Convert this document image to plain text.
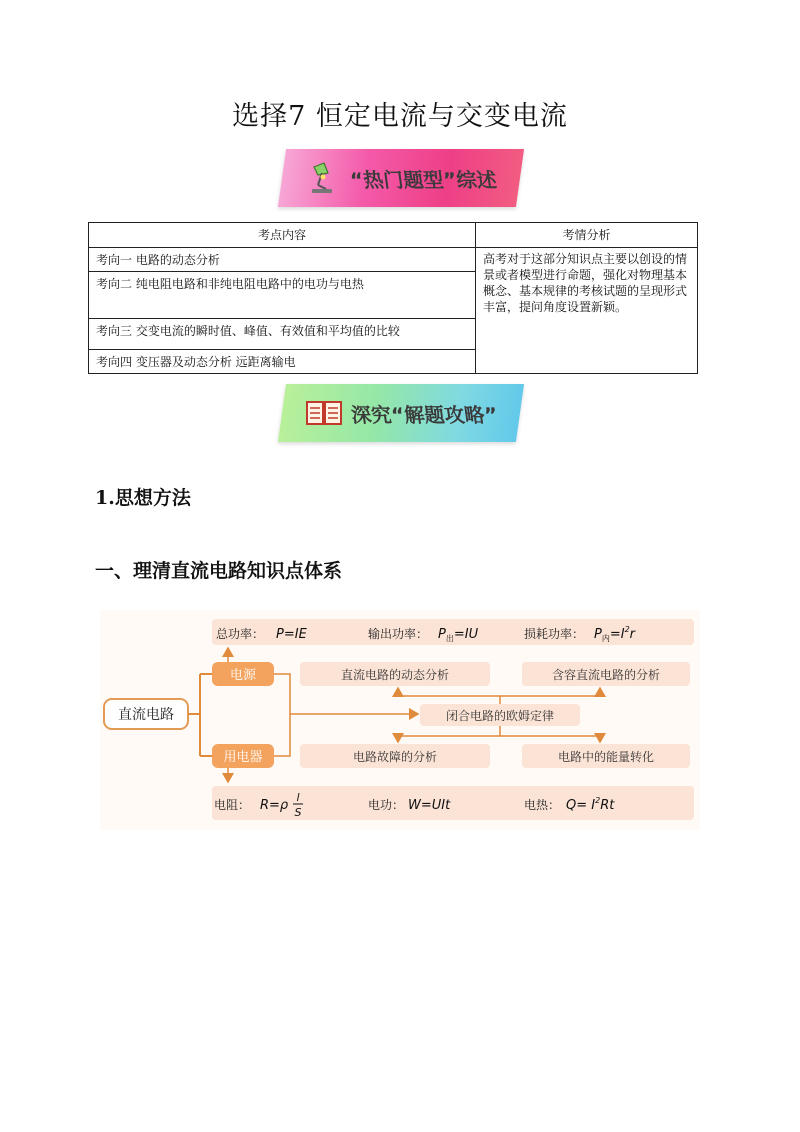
选择7 恒定电流与交变电流
“热门题型”综述
考点内容	考情分析
考向一 电路的动态分析	高考对于这部分知识点主要以创设的情景或者模型进行命题，强化对物理基本概念、基本规律的考核试题的呈现形式丰富，提问角度设置新颖。
考向二 纯电阻电路和非纯电阻电路中的电功与电热	
考向三 交变电流的瞬时值、峰值、有效值和平均值的比较	
考向四 变压器及动态分析 远距离输电	
深究“解题攻略”
1.思想方法
一、理清直流电路知识点体系
总功率： P=IE	输出功率： $P_出=IU$	损耗功率： $P_内=I^2r$
直流电路
电源
用电器
直流电路的动态分析	含容直流电路的分析
闭合电路的欧姆定律
电路故障的分析	电路中的能量转化
电阻： R=ρ
l
S
电功： W=UIt	电热： $Q= I^2Rt$
